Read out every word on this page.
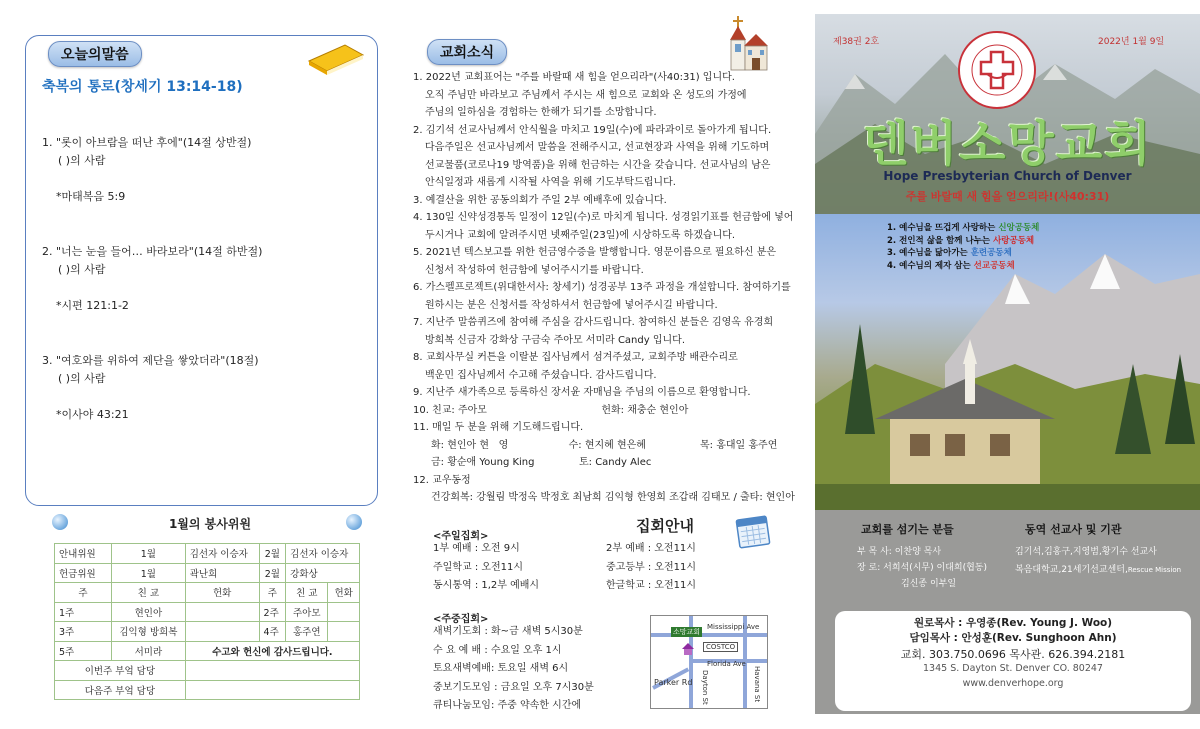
오늘의말씀
축복의 통로(창세기 13:14-18)
1. "롯이 아브람을 떠난 후에"(14절 상반절)
( )의 사람
*마태복음 5:9
2. "너는 눈을 들어… 바라보라"(14절 하반절)
( )의 사람
*시편 121:1-2
3. "여호와를 위하여 제단을 쌓았더라"(18절)
( )의 사람
*이사야 43:21
1월의 봉사위원
안내위원	1월	김선자 이승자	2월	김선자 이승자	
헌금위원	1월	곽난희	2월	강화상	
주	친 교	헌화	주	친 교	헌화
1주	현인아		2주	주아모	
3주	김익형 방희복		4주	홍주연	
5주	서미라	수고와 헌신에 감사드립니다.			
이번주 부엌 담당					
다음주 부엌 담당					
교회소식
1. 2022년 교회표어는 "주를 바랄때 새 힘을 얻으리라"(사40:31) 입니다.
오직 주님만 바라보고 주님께서 주시는 새 힘으로 교회와 온 성도의 가정에
주님의 일하심을 경험하는 한해가 되기를 소망합니다.
2. 김기석 선교사님께서 안식월을 마치고 19일(수)에 파라과이로 돌아가게 됩니다.
다음주일은 선교사님께서 말씀을 전해주시고, 선교현장과 사역을 위해 기도하며
선교물품(코로나19 방역품)을 위해 헌금하는 시간을 갖습니다. 선교사님의 남은
안식일정과 새롭게 시작될 사역을 위해 기도부탁드립니다.
3. 예결산을 위한 공동의회가 주일 2부 예배후에 있습니다.
4. 130일 신약성경통독 일정이 12일(수)로 마치게 됩니다. 성경읽기표를 헌금함에 넣어
두시거나 교회에 알려주시면 넷째주일(23일)에 시상하도록 하겠습니다.
5. 2021년 텍스보고를 위한 헌금영수증을 발행합니다. 영문이름으로 필요하신 분은
신청서 작성하여 헌금함에 넣어주시기를 바랍니다.
6. 가스펠프로젝트(위대한서사: 창세기) 성경공부 13주 과정을 개설합니다. 참여하기를
원하시는 분은 신청서를 작성하셔서 헌금함에 넣어주시길 바랍니다.
7. 지난주 말씀퀴즈에 참여해 주심을 감사드립니다. 참여하신 분들은 김영옥 유경희
방희복 신금자 강화상 구금숙 주아모 서미라 Candy 입니다.
8. 교회사무실 커튼을 이랄분 집사님께서 섬겨주셨고, 교회주방 배관수리로
백운민 집사님께서 수고해 주셨습니다. 감사드립니다.
9. 지난주 새가족으로 등록하신 장서윤 자매님을 주님의 이름으로 환영합니다.
10. 친교: 주아모                                    헌화: 채충순 현인아
11. 매일 두 분을 위해 기도해드립니다.
화: 현인아 현   영                   수: 현지혜 현은혜                 목: 홍대일 홍주연
금: 황순애 Young King              토: Candy Alec
12. 교우동정
건강회복: 강월림 박정옥 박정호 최남희 김익형 한영희 조갑래 김태모 / 출타: 현인아
집회안내
<주일집회>
1부 예배 : 오전 9시
주일학교 : 오전11시
동시통역 : 1,2부 예배시
2부 예배 : 오전11시
중고등부 : 오전11시
한글학교 : 오전11시
<주중집회>
새벽기도회 : 화~금 새벽 5시30분
수 요 예 배 : 수요일 오후 1시
토요새벽예배: 토요일 새벽 6시
중보기도모임 : 금요일 오후 7시30분
큐티나눔모임: 주중 약속한 시간에
소망교회
Mississippi Ave
COSTCO
Florida Ave
Parker Rd Dayton St	Havana St
제38권 2호	2022년 1월 9일
덴버소망교회
Hope Presbyterian Church of Denver
주를 바랄때 새 힘을 얻으리라!(사40:31)
1. 예수님을 뜨겁게 사랑하는 신앙공동체
2. 전인적 삶을 함께 나누는 사랑공동체
3. 예수님을 닮아가는 훈련공동체
4. 예수님의 제자 삼는 선교공동체
교회를 섬기는 분들	동역 선교사 및 기관
부 목 사: 이찬양 목사
장 로: 서희석(시무) 이대희(협동)
김신종 이부일
김기석,김홍구,지영범,황기수 선교사
복음대학교,21세기선교센터,Rescue Mission
원로목사 : 우영종(Rev. Young J. Woo)
담임목사 : 안성훈(Rev. Sunghoon Ahn)
교회. 303.750.0696 목사관. 626.394.2181
1345 S. Dayton St. Denver CO. 80247
www.denverhope.org
